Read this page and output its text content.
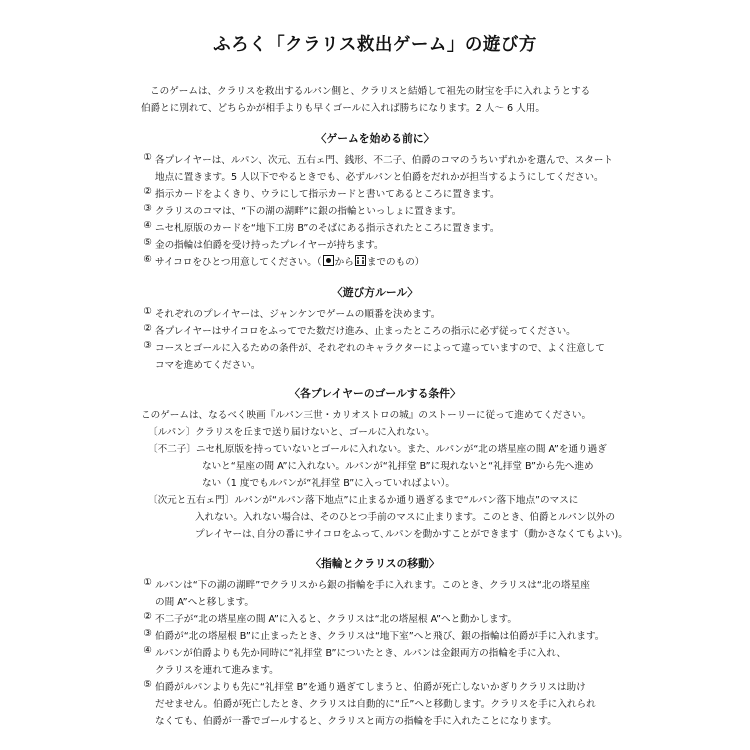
ふろく「クラリス救出ゲーム」の遊び方
このゲームは、クラリスを救出するルパン側と、クラリスと結婚して祖先の財宝を手に入れようとする
伯爵とに別れて、どちらかが相手よりも早くゴールに入れば勝ちになります。2 人〜 6 人用。
〈ゲームを始める前に〉
① 各プレイヤーは、ルパン、次元、五右ェ門、銭形、不二子、伯爵のコマのうちいずれかを選んで、スタート
地点に置きます。5 人以下でやるときでも、必ずルパンと伯爵をだれかが担当するようにしてください。
② 指示カードをよくきり、ウラにして指示カードと書いてあるところに置きます。
③ クラリスのコマは、“下の湖の湖畔”に銀の指輪といっしょに置きます。
④ ニセ札原版のカードを“地下工房 B”のそばにある指示されたところに置きます。
⑤ 金の指輪は伯爵を受け持ったプレイヤーが持ちます。
⑥ サイコロをひとつ用意してください。（ から までのもの）
〈遊び方ルール〉
① それぞれのプレイヤーは、ジャンケンでゲームの順番を決めます。
② 各プレイヤーはサイコロをふってでた数だけ進み、止まったところの指示に必ず従ってください。
③ コースとゴールに入るための条件が、それぞれのキャラクターによって違っていますので、よく注意して
コマを進めてください。
〈各プレイヤーのゴールする条件〉
このゲームは、なるべく映画『ルパン三世・カリオストロの城』のストーリーに従って進めてください。
〔ルパン〕クラリスを丘まで送り届けないと、ゴールに入れない。
〔不二子〕ニセ札原版を持っていないとゴールに入れない。また、ルパンが“北の塔星座の間 A”を通り過ぎ
ないと“星座の間 A”に入れない。ルパンが“礼拝堂 B”に現れないと“礼拝堂 B”から先へ進め
ない（1 度でもルパンが“礼拝堂 B”に入っていればよい）。
〔次元と五右ェ門〕ルパンが“ルパン落下地点”に止まるか通り過ぎるまで“ルパン落下地点”のマスに
入れない。入れない場合は、そのひとつ手前のマスに止まります。このとき、伯爵とルパン以外の
プレイヤーは､自分の番にサイコロをふって､ルパンを動かすことができます（動かさなくてもよい)。
〈指輪とクラリスの移動〉
① ルパンは“下の湖の湖畔”でクラリスから銀の指輪を手に入れます。このとき、クラリスは“北の塔星座
の間 A”へと移します。
② 不二子が“北の塔星座の間 A”に入ると、クラリスは“北の塔屋根 A”へと動かします。
③ 伯爵が“北の塔屋根 B”に止まったとき、クラリスは“地下室”へと飛び、銀の指輪は伯爵が手に入れます。
④ ルパンが伯爵よりも先か同時に“礼拝堂 B”についたとき、ルパンは金銀両方の指輪を手に入れ、
クラリスを連れて進みます。
⑤ 伯爵がルパンよりも先に“礼拝堂 B”を通り過ぎてしまうと、伯爵が死亡しないかぎりクラリスは助け
だせません。伯爵が死亡したとき、クラリスは自動的に“丘”へと移動します。クラリスを手に入れられ
なくても、伯爵が一番でゴールすると、クラリスと両方の指輪を手に入れたことになります。
